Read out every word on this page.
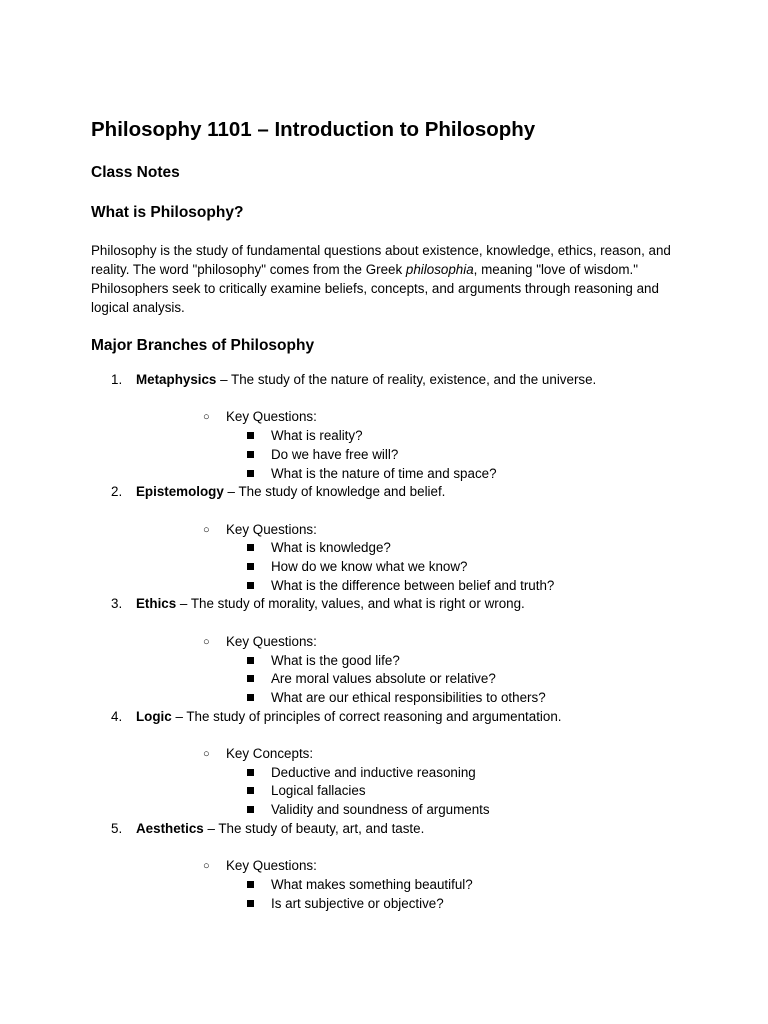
Philosophy 1101 – Introduction to Philosophy
Class Notes
What is Philosophy?

Philosophy is the study of fundamental questions about existence, knowledge, ethics, reason, and reality. The word "philosophy" comes from the Greek philosophia, meaning "love of wisdom." Philosophers seek to critically examine beliefs, concepts, and arguments through reasoning and logical analysis.

Major Branches of Philosophy
1. Metaphysics – The study of the nature of reality, existence, and the universe.
○ Key Questions:
What is reality?
Do we have free will?
What is the nature of time and space?
2. Epistemology – The study of knowledge and belief.
○ Key Questions:
What is knowledge?
How do we know what we know?
What is the difference between belief and truth?
3. Ethics – The study of morality, values, and what is right or wrong.
○ Key Questions:
What is the good life?
Are moral values absolute or relative?
What are our ethical responsibilities to others?
4. Logic – The study of principles of correct reasoning and argumentation.
○ Key Concepts:
Deductive and inductive reasoning
Logical fallacies
Validity and soundness of arguments
5. Aesthetics – The study of beauty, art, and taste.
○ Key Questions:
What makes something beautiful?
Is art subjective or objective?
